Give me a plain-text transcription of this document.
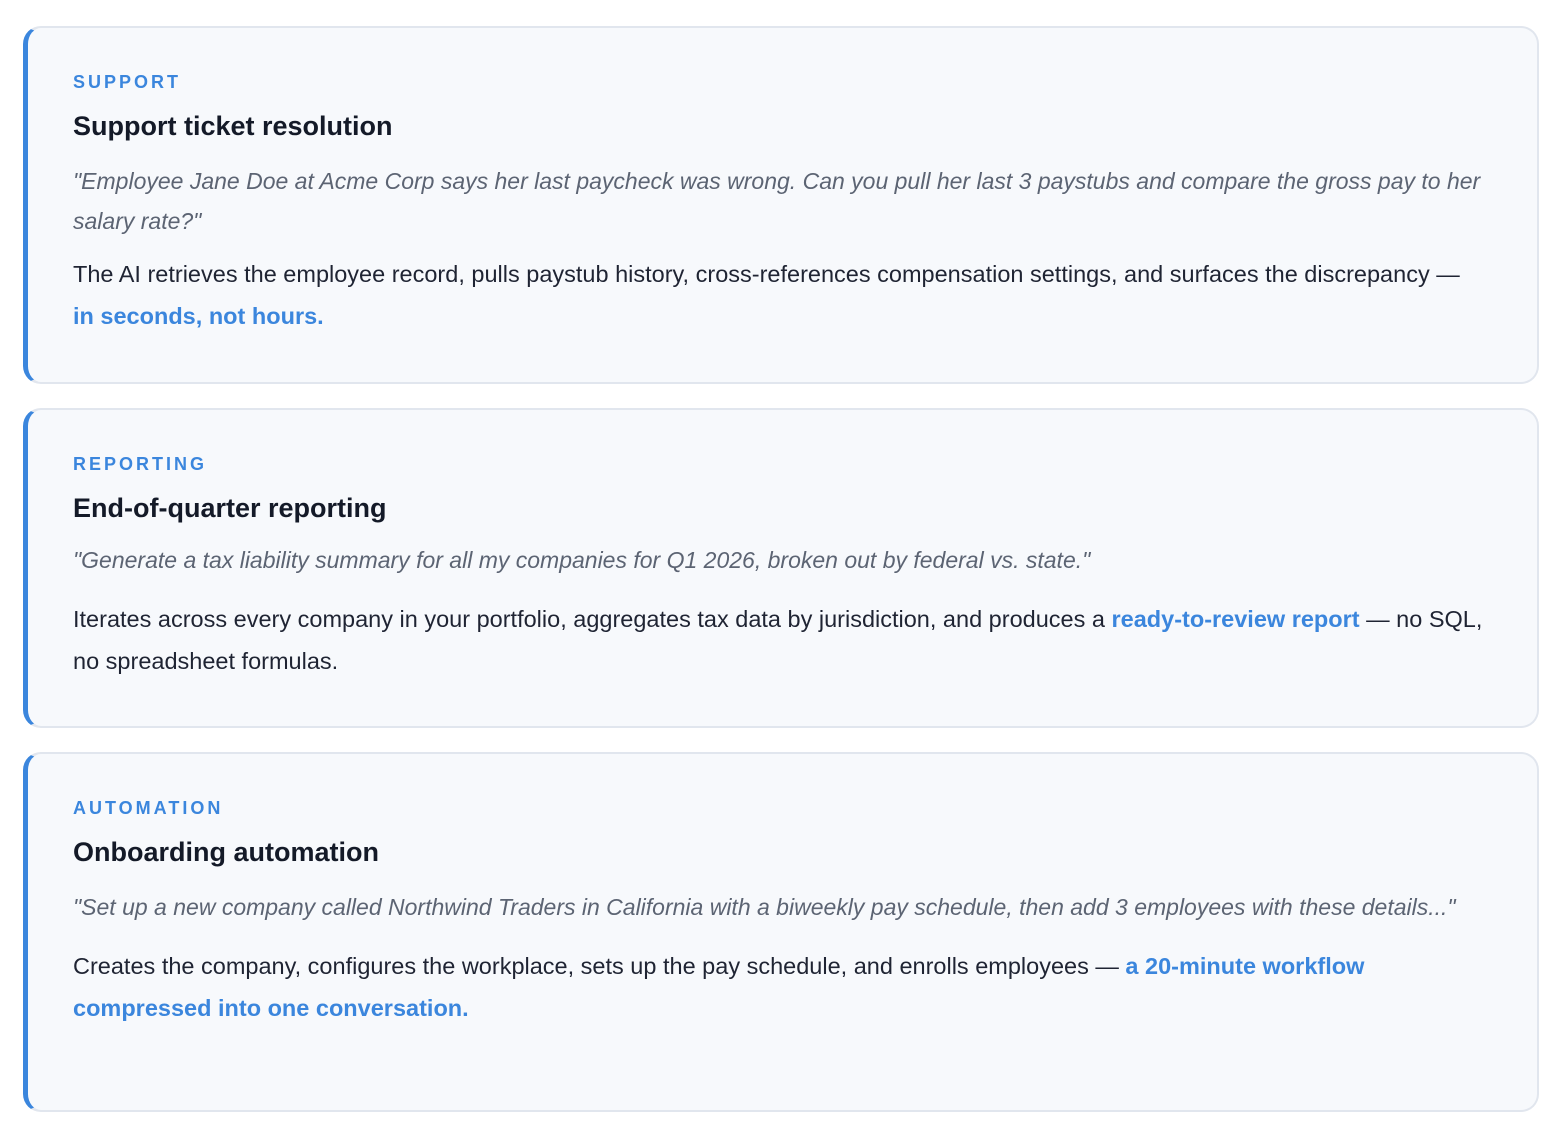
SUPPORT
Support ticket resolution
"Employee Jane Doe at Acme Corp says her last paycheck was wrong. Can you pull her last 3 paystubs and compare the gross pay to her salary rate?"
The AI retrieves the employee record, pulls paystub history, cross-references compensation settings, and surfaces the discrepancy — in seconds, not hours.
REPORTING
End-of-quarter reporting
"Generate a tax liability summary for all my companies for Q1 2026, broken out by federal vs. state."
Iterates across every company in your portfolio, aggregates tax data by jurisdiction, and produces a ready-to-review report — no SQL, no spreadsheet formulas.
AUTOMATION
Onboarding automation
"Set up a new company called Northwind Traders in California with a biweekly pay schedule, then add 3 employees with these details..."
Creates the company, configures the workplace, sets up the pay schedule, and enrolls employees — a 20-minute workflow compressed into one conversation.
